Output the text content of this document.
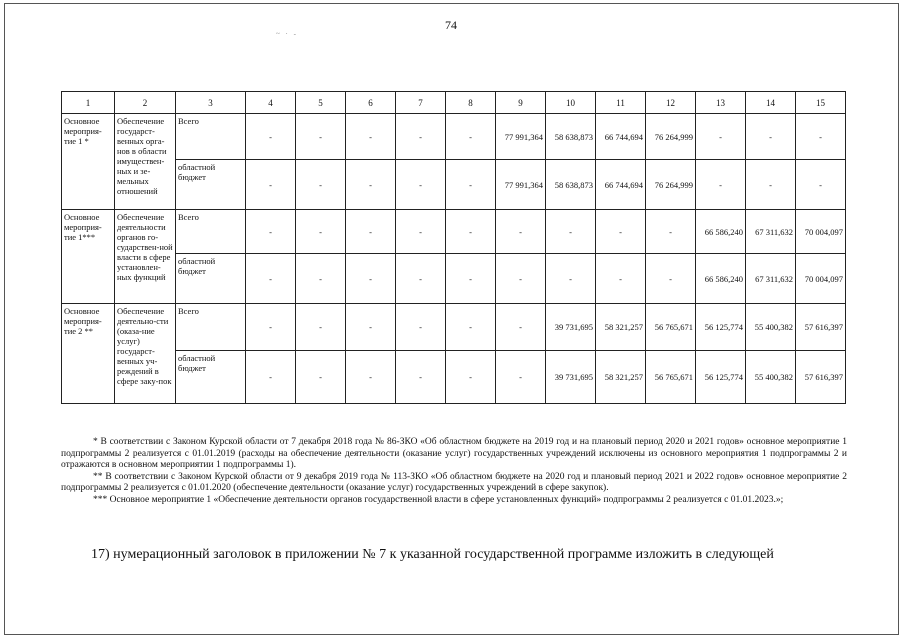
74
~ · -
1	2	3	4	5	6	7	8	9	10	11	12	13	14	15
Основное мероприя-тие 1 *	Обеспечение государст-венных орга-нов в области имуществен-ных и зе-мельных отношений	Всего	-	-	-	-	-	77 991,364	58 638,873	66 744,694	76 264,999	-	-	-
		областной бюджет	-	-	-	-	-	77 991,364	58 638,873	66 744,694	76 264,999	-	-	-
Основное мероприя-тие 1***	Обеспечение деятельности органов го-сударствен-ной власти в сфере установлен-ных функций	Всего	-	-	-	-	-	-	-	-	-	66 586,240	67 311,632	70 004,097
		областной бюджет	-	-	-	-	-	-	-	-	-	66 586,240	67 311,632	70 004,097
Основное мероприя-тие 2 **	Обеспечение деятельно-сти (оказа-ние услуг) государст-венных уч-реждений в сфере заку-пок	Всего	-	-	-	-	-	-	39 731,695	58 321,257	56 765,671	56 125,774	55 400,382	57 616,397
		областной бюджет	-	-	-	-	-	-	39 731,695	58 321,257	56 765,671	56 125,774	55 400,382	57 616,397

* В соответствии с Законом Курской области от 7 декабря 2018 года № 86-ЗКО «Об областном бюджете на 2019 год и на плановый период 2020 и 2021 годов» основное мероприятие 1 подпрограммы 2 реализуется с 01.01.2019 (расходы на обеспечение деятельности (оказание услуг) государственных учреждений исключены из основного мероприятия 1 подпрограммы 2 и отражаются в основном мероприятии 1 подпрограммы 1).

** В соответствии с Законом Курской области от 9 декабря 2019 года № 113-ЗКО «Об областном бюджете на 2020 год и плановый период 2021 и 2022 годов» основное мероприятие 2 подпрограммы 2 реализуется с 01.01.2020 (обеспечение деятельности (оказание услуг) государственных учреждений в сфере закупок).

*** Основное мероприятие 1 «Обеспечение деятельности органов государственной власти в сфере установленных функций» подпрограммы 2 реализуется с 01.01.2023.»;

17) нумерационный заголовок в приложении № 7 к указанной государственной программе изложить в следующей
